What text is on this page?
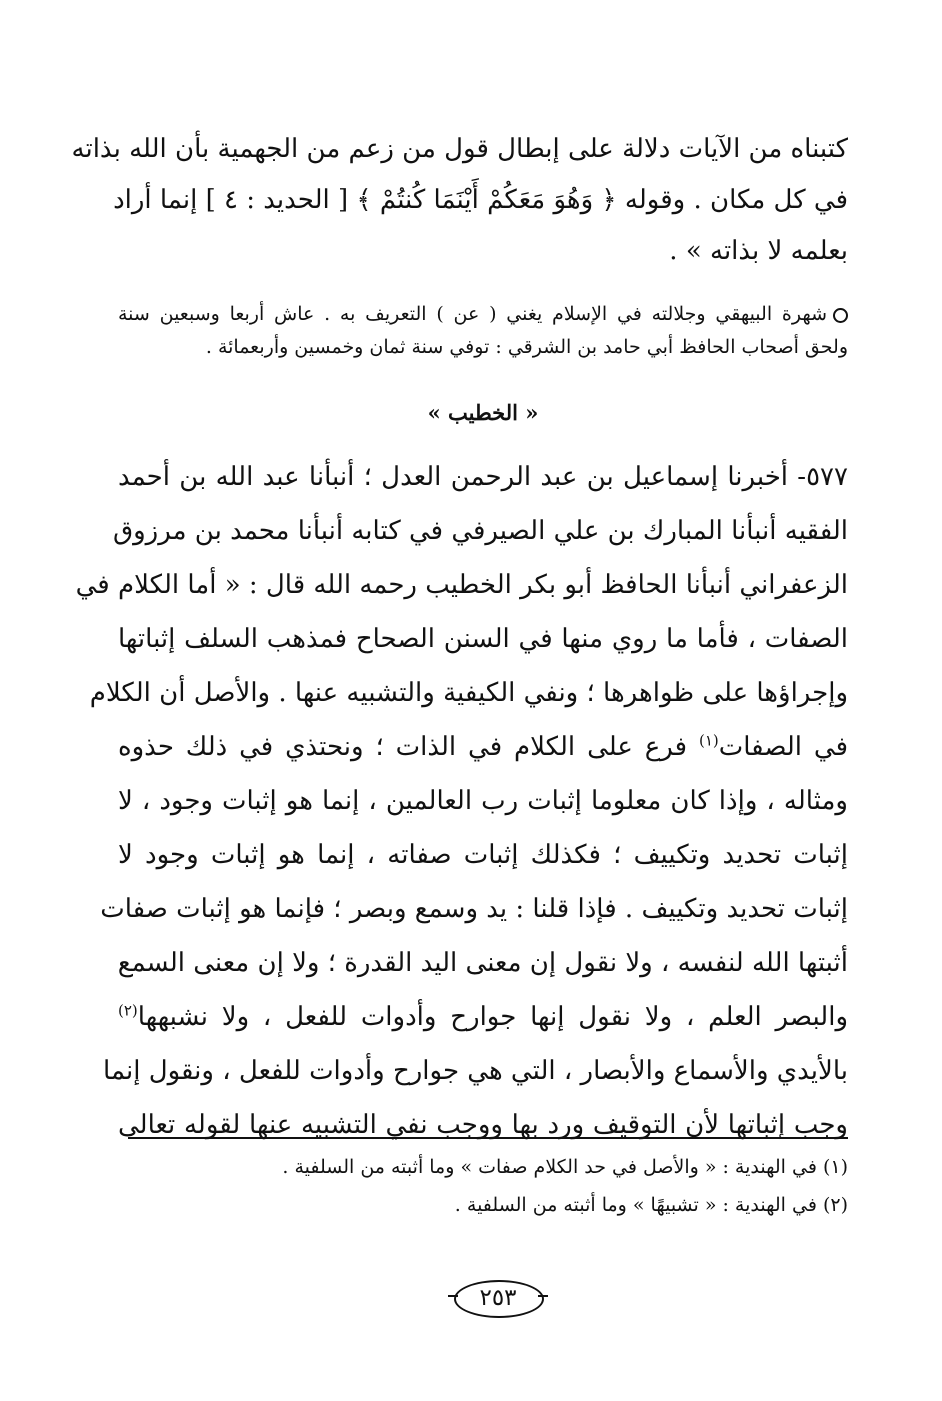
كتبناه من الآيات دلالة على إبطال قول من زعم من الجهمية بأن الله بذاته
في كل مكان . وقوله ﴿ وَهُوَ مَعَكُمْ أَيْنَمَا كُنتُمْ ﴾ [ الحديد : ٤ ] إنما أراد
بعلمه لا بذاته » .
شهرة البيهقي وجلالته في الإسلام يغني ( عن ) التعريف به . عاش أربعا وسبعين سنة
ولحق أصحاب الحافظ أبي حامد بن الشرقي : توفي سنة ثمان وخمسين وأربعمائة .
« الخطيب »
٥٧٧- أخبرنا إسماعيل بن عبد الرحمن العدل ؛ أنبأنا عبد الله بن أحمد
الفقيه أنبأنا المبارك بن علي الصيرفي في كتابه أنبأنا محمد بن مرزوق
الزعفراني أنبأنا الحافظ أبو بكر الخطيب رحمه الله قال : « أما الكلام في
الصفات ، فأما ما روي منها في السنن الصحاح فمذهب السلف إثباتها
وإجراؤها على ظواهرها ؛ ونفي الكيفية والتشبيه عنها . والأصل أن الكلام
في الصفات$^{(١)}$ فرع على الكلام في الذات ؛ ونحتذي في ذلك حذوه
ومثاله ، وإذا كان معلوما إثبات رب العالمين ، إنما هو إثبات وجود ، لا
إثبات تحديد وتكييف ؛ فكذلك إثبات صفاته ، إنما هو إثبات وجود لا
إثبات تحديد وتكييف . فإذا قلنا : يد وسمع وبصر ؛ فإنما هو إثبات صفات
أثبتها الله لنفسه ، ولا نقول إن معنى اليد القدرة ؛ ولا إن معنى السمع
والبصر العلم ، ولا نقول إنها جوارح وأدوات للفعل ، ولا نشبهها$^{(٢)}$
بالأيدي والأسماع والأبصار ، التي هي جوارح وأدوات للفعل ، ونقول إنما
وجب إثباتها لأن التوقيف ورد بها ووجب نفي التشبيه عنها لقوله تعالى
(١) في الهندية : « والأصل في حد الكلام صفات » وما أثبته من السلفية .
(٢) في الهندية : « تشبيهًا » وما أثبته من السلفية .
٢٥٣
